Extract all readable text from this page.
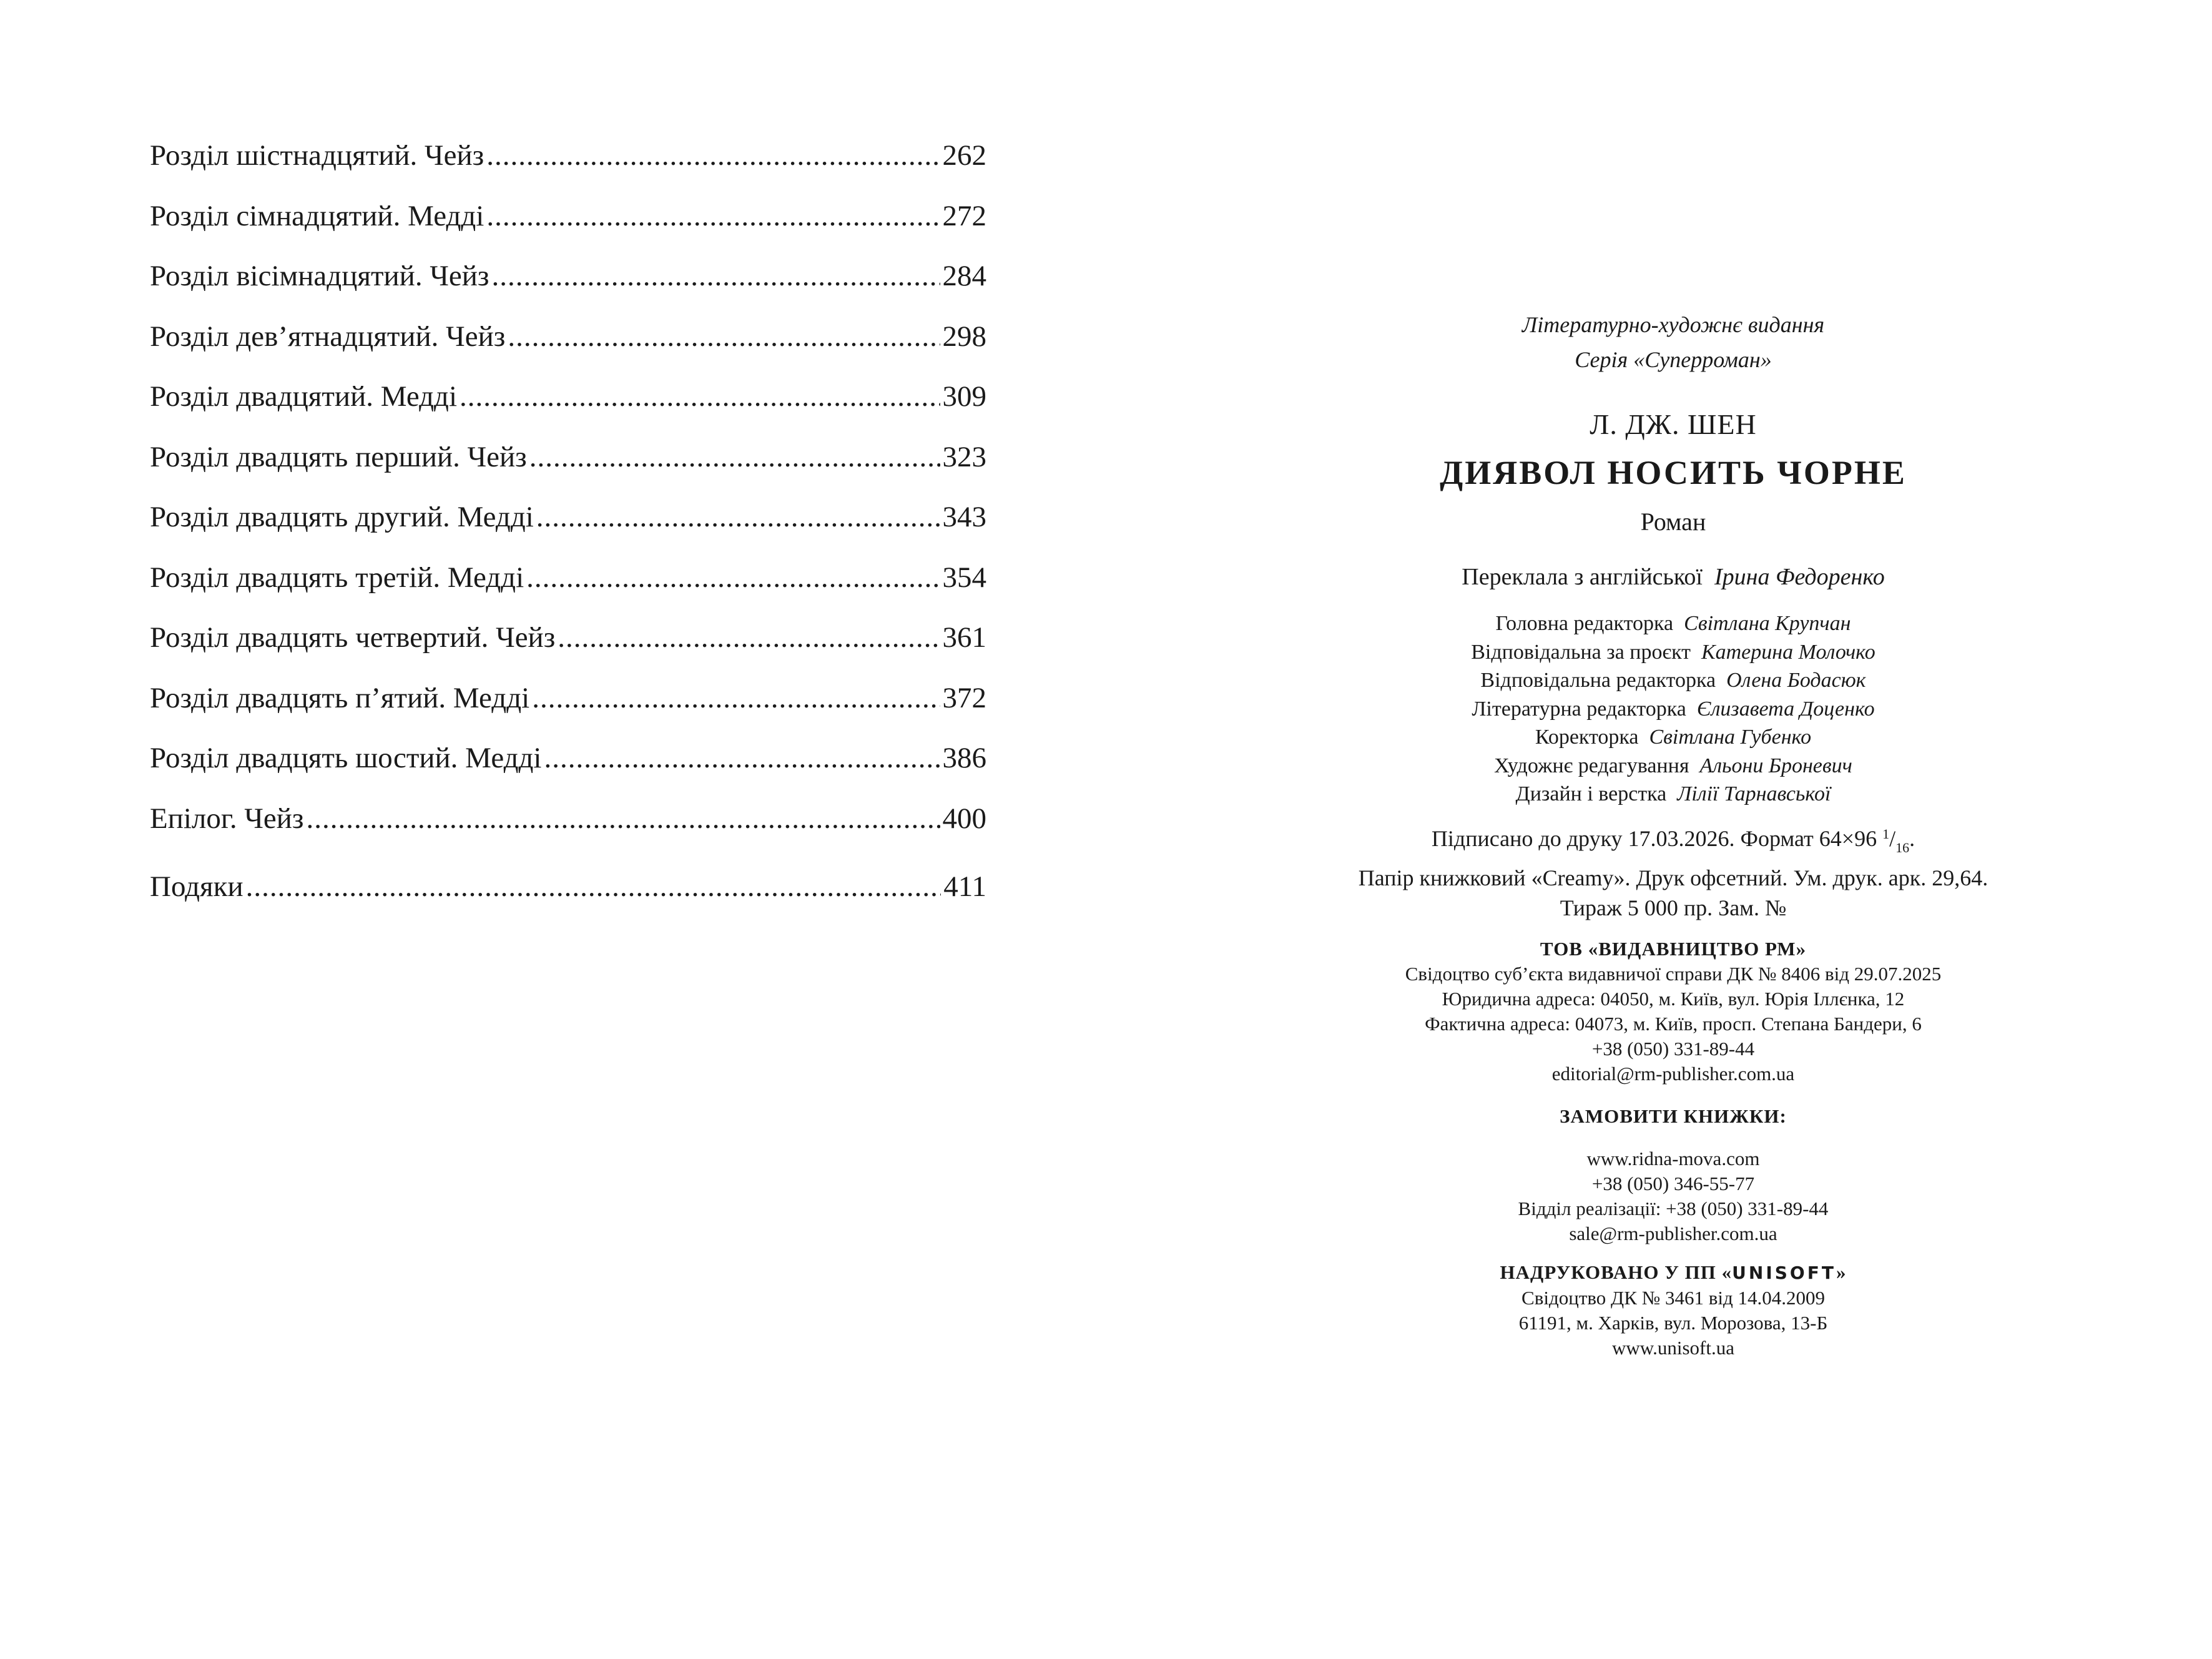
Розділ шістнадцятий. Чейз .....	262
Розділ сімнадцятий. Медді .....	272
Розділ вісімнадцятий. Чейз .....	284
Розділ дев’ятнадцятий. Чейз .....	298
Розділ двадцятий. Медді .....	309
Розділ двадцять перший. Чейз .....	323
Розділ двадцять другий. Медді .....	343
Розділ двадцять третій. Медді .....	354
Розділ двадцять четвертий. Чейз .....	361
Розділ двадцять п’ятий. Медді .....	372
Розділ двадцять шостий. Медді .....	386
Епілог. Чейз .....	400
Подяки .....	411
Літературно-художнє видання
Серія «Суперроман»
Л. ДЖ. ШЕН
ДИЯВОЛ НОСИТЬ ЧОРНЕ
Роман
Переклала з англійської Ірина Федоренко
Головна редакторка Світлана Крупчан
Відповідальна за проєкт Катерина Молочко
Відповідальна редакторка Олена Бодасюк
Літературна редакторка Єлизавета Доценко
Коректорка Світлана Губенко
Художнє редагування Альони Броневич
Дизайн і верстка Лілії Тарнавської
Підписано до друку 17.03.2026. Формат 64×96 $^1/_{16}$.
Папір книжковий «Creamy». Друк офсетний. Ум. друк. арк. 29,64.
Тираж 5 000 пр. Зам. №
ТОВ «ВИДАВНИЦТВО РМ»
Свідоцтво суб’єкта видавничої справи ДК № 8406 від 29.07.2025
Юридична адреса: 04050, м. Київ, вул. Юрія Іллєнка, 12
Фактична адреса: 04073, м. Київ, просп. Степана Бандери, 6
+38 (050) 331-89-44
editorial@rm-publisher.com.ua
ЗАМОВИТИ КНИЖКИ:
www.ridna-mova.com
+38 (050) 346-55-77
Відділ реалізації: +38 (050) 331-89-44
sale@rm-publisher.com.ua
НАДРУКОВАНО У ПП «UNISOFT»
Свідоцтво ДК № 3461 від 14.04.2009
61191, м. Харків, вул. Морозова, 13-Б
www.unisoft.ua
